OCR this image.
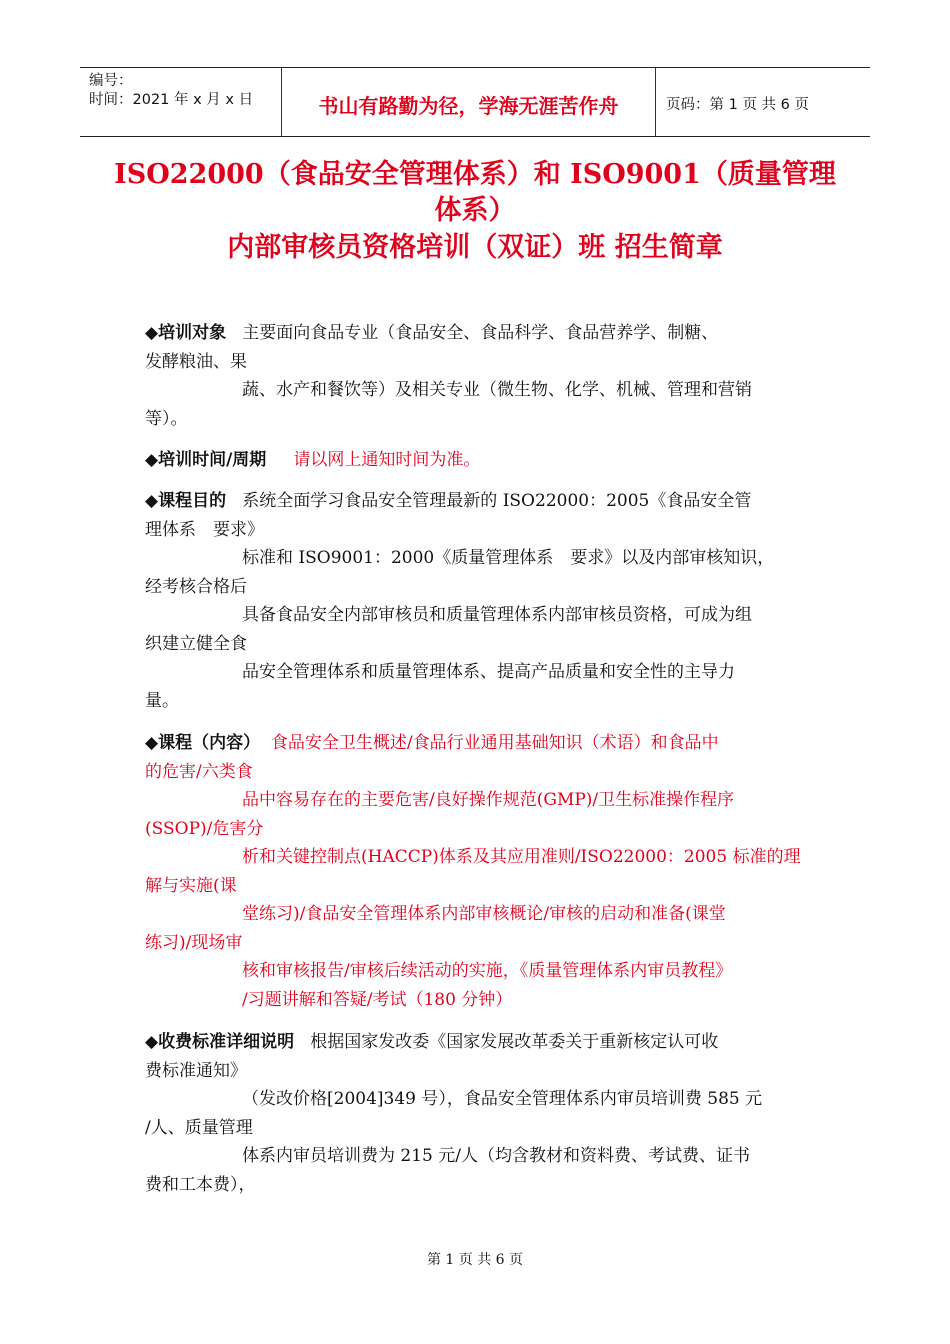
编号：
时间：2021 年 x 月 x 日	书山有路勤为径，学海无涯苦作舟	页码：第 1 页 共 6 页
ISO22000（食品安全管理体系）和 ISO9001（质量管理
体系）
内部审核员资格培训（双证）班 招生简章
◆培训对象 主要面向食品专业（食品安全、食品科学、食品营养学、制糖、
发酵粮油、果
蔬、水产和餐饮等）及相关专业（微生物、化学、机械、管理和营销
等）。
◆培训时间/周期 请以网上通知时间为准。
◆课程目的 系统全面学习食品安全管理最新的 ISO22000：2005《食品安全管
理体系　要求》
标准和 ISO9001：2000《质量管理体系　要求》以及内部审核知识，
经考核合格后
具备食品安全内部审核员和质量管理体系内部审核员资格，可成为组
织建立健全食
品安全管理体系和质量管理体系、提高产品质量和安全性的主导力
量。
◆课程（内容） 食品安全卫生概述/食品行业通用基础知识（术语）和食品中
的危害/六类食
品中容易存在的主要危害/良好操作规范(GMP)/卫生标准操作程序
(SSOP)/危害分
析和关键控制点(HACCP)体系及其应用准则/ISO22000：2005 标准的理
解与实施(课
堂练习)/食品安全管理体系内部审核概论/审核的启动和准备(课堂
练习)/现场审
核和审核报告/审核后续活动的实施，《质量管理体系内审员教程》
/习题讲解和答疑/考试（180 分钟）
◆收费标准详细说明 根据国家发改委《国家发展改革委关于重新核定认可收
费标准通知》
（发改价格[2004]349 号），食品安全管理体系内审员培训费 585 元
/人、质量管理
体系内审员培训费为 215 元/人（均含教材和资料费、考试费、证书
费和工本费），
第 1 页 共 6 页
